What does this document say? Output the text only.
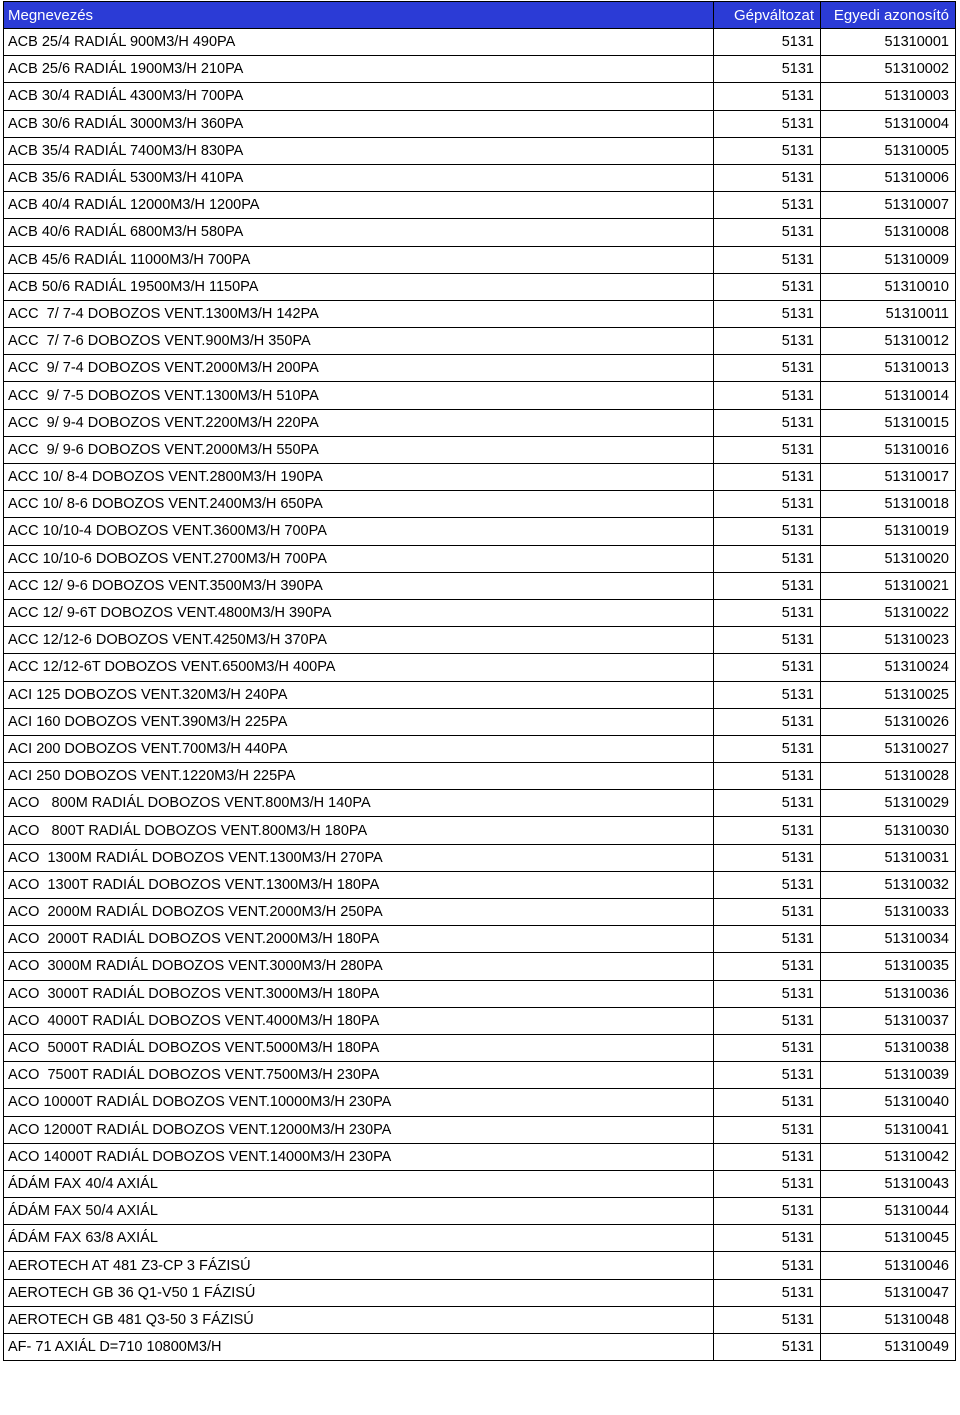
Megnevezés	Gépváltozat	Egyedi azonosító
ACB 25/4 RADIÁL 900M3/H 490PA	5131	51310001
ACB 25/6 RADIÁL 1900M3/H 210PA	5131	51310002
ACB 30/4 RADIÁL 4300M3/H 700PA	5131	51310003
ACB 30/6 RADIÁL 3000M3/H 360PA	5131	51310004
ACB 35/4 RADIÁL 7400M3/H 830PA	5131	51310005
ACB 35/6 RADIÁL 5300M3/H 410PA	5131	51310006
ACB 40/4 RADIÁL 12000M3/H 1200PA	5131	51310007
ACB 40/6 RADIÁL 6800M3/H 580PA	5131	51310008
ACB 45/6 RADIÁL 11000M3/H 700PA	5131	51310009
ACB 50/6 RADIÁL 19500M3/H 1150PA	5131	51310010
ACC  7/ 7-4 DOBOZOS VENT.1300M3/H 142PA	5131	51310011
ACC  7/ 7-6 DOBOZOS VENT.900M3/H 350PA	5131	51310012
ACC  9/ 7-4 DOBOZOS VENT.2000M3/H 200PA	5131	51310013
ACC  9/ 7-5 DOBOZOS VENT.1300M3/H 510PA	5131	51310014
ACC  9/ 9-4 DOBOZOS VENT.2200M3/H 220PA	5131	51310015
ACC  9/ 9-6 DOBOZOS VENT.2000M3/H 550PA	5131	51310016
ACC 10/ 8-4 DOBOZOS VENT.2800M3/H 190PA	5131	51310017
ACC 10/ 8-6 DOBOZOS VENT.2400M3/H 650PA	5131	51310018
ACC 10/10-4 DOBOZOS VENT.3600M3/H 700PA	5131	51310019
ACC 10/10-6 DOBOZOS VENT.2700M3/H 700PA	5131	51310020
ACC 12/ 9-6 DOBOZOS VENT.3500M3/H 390PA	5131	51310021
ACC 12/ 9-6T DOBOZOS VENT.4800M3/H 390PA	5131	51310022
ACC 12/12-6 DOBOZOS VENT.4250M3/H 370PA	5131	51310023
ACC 12/12-6T DOBOZOS VENT.6500M3/H 400PA	5131	51310024
ACI 125 DOBOZOS VENT.320M3/H 240PA	5131	51310025
ACI 160 DOBOZOS VENT.390M3/H 225PA	5131	51310026
ACI 200 DOBOZOS VENT.700M3/H 440PA	5131	51310027
ACI 250 DOBOZOS VENT.1220M3/H 225PA	5131	51310028
ACO   800M RADIÁL DOBOZOS VENT.800M3/H 140PA	5131	51310029
ACO   800T RADIÁL DOBOZOS VENT.800M3/H 180PA	5131	51310030
ACO  1300M RADIÁL DOBOZOS VENT.1300M3/H 270PA	5131	51310031
ACO  1300T RADIÁL DOBOZOS VENT.1300M3/H 180PA	5131	51310032
ACO  2000M RADIÁL DOBOZOS VENT.2000M3/H 250PA	5131	51310033
ACO  2000T RADIÁL DOBOZOS VENT.2000M3/H 180PA	5131	51310034
ACO  3000M RADIÁL DOBOZOS VENT.3000M3/H 280PA	5131	51310035
ACO  3000T RADIÁL DOBOZOS VENT.3000M3/H 180PA	5131	51310036
ACO  4000T RADIÁL DOBOZOS VENT.4000M3/H 180PA	5131	51310037
ACO  5000T RADIÁL DOBOZOS VENT.5000M3/H 180PA	5131	51310038
ACO  7500T RADIÁL DOBOZOS VENT.7500M3/H 230PA	5131	51310039
ACO 10000T RADIÁL DOBOZOS VENT.10000M3/H 230PA	5131	51310040
ACO 12000T RADIÁL DOBOZOS VENT.12000M3/H 230PA	5131	51310041
ACO 14000T RADIÁL DOBOZOS VENT.14000M3/H 230PA	5131	51310042
ÁDÁM FAX 40/4 AXIÁL	5131	51310043
ÁDÁM FAX 50/4 AXIÁL	5131	51310044
ÁDÁM FAX 63/8 AXIÁL	5131	51310045
AEROTECH AT 481 Z3-CP 3 FÁZISÚ	5131	51310046
AEROTECH GB 36 Q1-V50 1 FÁZISÚ	5131	51310047
AEROTECH GB 481 Q3-50 3 FÁZISÚ	5131	51310048
AF- 71 AXIÁL D=710 10800M3/H	5131	51310049
